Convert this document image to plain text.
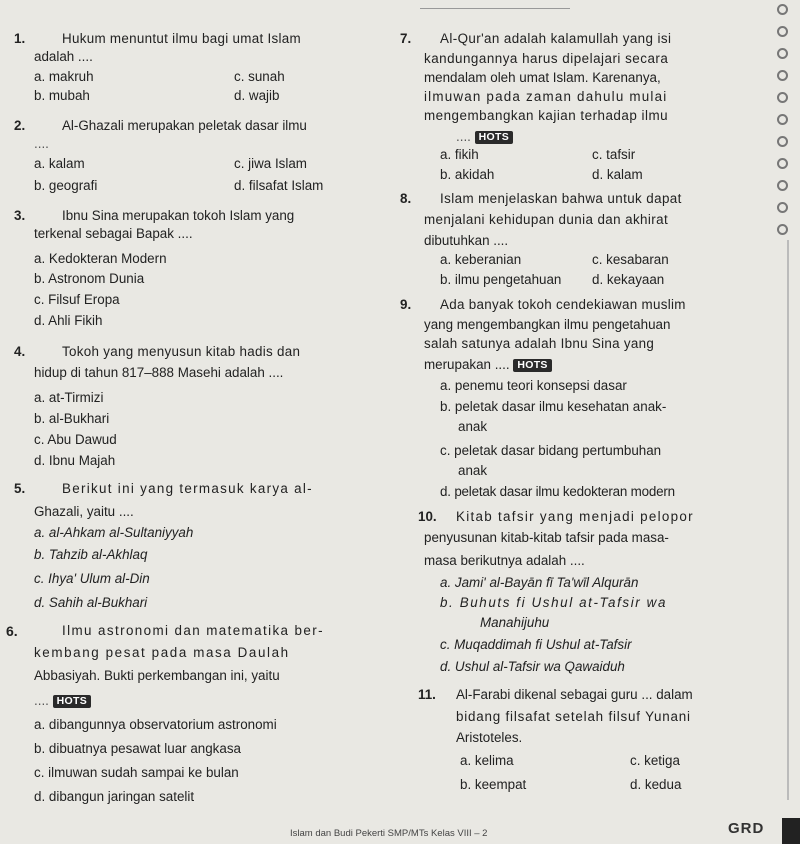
1.	Hukum menuntut ilmu bagi umat Islam
adalah ....
a. makruh	c. sunah
b. mubah	d. wajib
2.	Al-Ghazali merupakan peletak dasar ilmu
....
a. kalam	c. jiwa Islam
b. geografi	d. filsafat Islam
3.	Ibnu Sina merupakan tokoh Islam yang
terkenal sebagai Bapak ....
a. Kedokteran Modern
b. Astronom Dunia
c. Filsuf Eropa
d. Ahli Fikih
4.	Tokoh yang menyusun kitab hadis dan
hidup di tahun 817–888 Masehi adalah ....
a. at-Tirmizi
b. al-Bukhari
c. Abu Dawud
d. Ibnu Majah
5.	Berikut ini yang termasuk karya al-
Ghazali, yaitu ....
a. al-Ahkam al-Sultaniyyah
b. Tahzib al-Akhlaq
c. Ihya' Ulum al-Din
d. Sahih al-Bukhari
6.	Ilmu astronomi dan matematika ber-
kembang pesat pada masa Daulah
Abbasiyah. Bukti perkembangan ini, yaitu
.... HOTS
a. dibangunnya observatorium astronomi
b. dibuatnya pesawat luar angkasa
c. ilmuwan sudah sampai ke bulan
d. dibangun jaringan satelit
7. Al-Qur'an adalah kalamullah yang isi
kandungannya harus dipelajari secara
mendalam oleh umat Islam. Karenanya,
ilmuwan pada zaman dahulu mulai
mengembangkan kajian terhadap ilmu
.... HOTS
a. fikih	c. tafsir
b. akidah	d. kalam
8. Islam menjelaskan bahwa untuk dapat
menjalani kehidupan dunia dan akhirat
dibutuhkan ....
a. keberanian	c. kesabaran
b. ilmu pengetahuan d. kekayaan
9. Ada banyak tokoh cendekiawan muslim
yang mengembangkan ilmu pengetahuan
salah satunya adalah Ibnu Sina yang
merupakan .... HOTS
a. penemu teori konsepsi dasar
b. peletak dasar ilmu kesehatan anak-
anak
c. peletak dasar bidang pertumbuhan
anak
d. peletak dasar ilmu kedokteran modern
10. Kitab tafsir yang menjadi pelopor
penyusunan kitab-kitab tafsir pada masa-
masa berikutnya adalah ....
a. Jami' al-Bayān fī Ta'wīl Alqurān
b. Buhuts fi Ushul at-Tafsir wa
Manahijuhu
c. Muqaddimah fi Ushul at-Tafsir
d. Ushul al-Tafsir wa Qawaiduh
11. Al-Farabi dikenal sebagai guru ... dalam
bidang filsafat setelah filsuf Yunani
Aristoteles.
a. kelima	c. ketiga
b. keempat	d. kedua
Islam dan Budi Pekerti SMP/MTs Kelas VIII – 2	GRD
